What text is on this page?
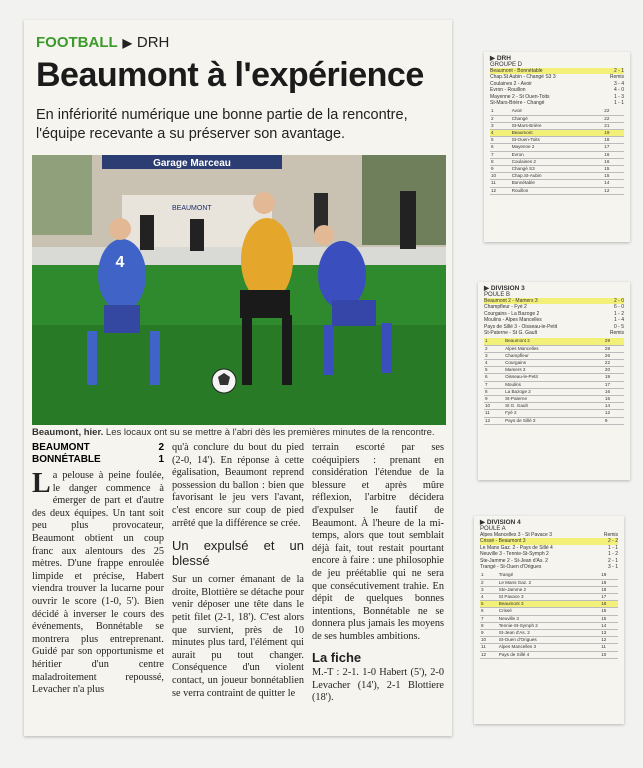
FOOTBALL ▶ DRH
Beaumont à l'expérience
En infériorité numérique une bonne partie de la rencontre, l'équipe recevante a su préserver son avantage.
Garage Marceau
BEAUMONT
4
Beaumont, hier. Les locaux ont su se mettre à l'abri dès les premières minutes de la rencontre.
BEAUMONT	2
BONNÉTABLE	1

La pelouse à peine foulée, le danger commence à émerger de part et d'autre des deux équipes. Un tant soit peu plus provocateur, Beaumont obtient un coup franc aux alentours des 25 mètres. D'une frappe enroulée limpide et précise, Habert viendra trouver la lucarne pour ouvrir le score (1-0, 5'). Bien décidé à inverser le cours des événements, Bonnétable se montrera plus entreprenant. Guidé par son opportunisme et héritier d'un centre maladroitement repoussé, Levacher n'a plus

qu'à conclure du bout du pied (2-0, 14'). En réponse à cette égalisation, Beaumont reprend possession du ballon : bien que favorisant le jeu vers l'avant, c'est encore sur coup de pied arrêté que la différence se crée.

Un expulsé et un blessé

Sur un corner émanant de la droite, Blottière se détache pour venir déposer une tête dans le petit filet (2-1, 18'). C'est alors que survient, près de 10 minutes plus tard, l'élément qui aurait pu tout changer. Conséquence d'un violent contact, un joueur bonnétablien se verra contraint de quitter le

terrain escorté par ses coéquipiers : prenant en considération l'étendue de la blessure et après mûre réflexion, l'arbitre décidera d'expulser le fautif de Beaumont. À l'heure de la mi-temps, alors que tout semblait déjà fait, tout restait pourtant encore à faire : une philosophie de jeu préétablie qui ne sera que consécutivement trahie. En dépit de quelques bonnes intentions, Bonnétable ne se donnera plus jamais les moyens de ses humbles ambitions.

La fiche

M.-T : 2-1. 1-0 Habert (5'), 2-0 Levacher (14'), 2-1 Blottiere (18').

▶ DRH
GROUPE D
Beaumont - Bonnétable	2 - 1
Chap.St Aubin - Changé S3 3	Remis
Coulaines 2 - Avoir	3 - 4
Evron - Rouillon	4 - 0
Mayenne 2 - St Ouen-Toits	1 - 3
St-Mars-Brière - Changé	1 - 1
1	Avoir	22
2	Changé	22
3	St-Mars-Brière	21
4	Beaumont	19
5	St-Ouen-Toits	18
6	Mayenne 2	17
7	Evron	16
8	Coulaines 2	16
9	Changé S3	15
10	Chap.St-Aubin	15
11	Bonnétable	14
12	Rouillon	12
▶ DIVISION 3
POULE B
Beaumont 2 - Mamers 3	2 - 0
Champfleur - Fyé 2	6 - 0
Courgains - La Bazoge 2	1 - 2
Moulins - Alpes Mancelles	1 - 4
Pays de Sillé 3 - Oisseau-le-Petit	0 - 5
St-Paterne - St G. Gault	Remis
1	Beaumont 2	29
2	Alpes Mancelles	28
3	Champfleur	26
4	Courgains	22
5	Mamers 3	20
6	Oisseau-le-Petit	19
7	Moulins	17
8	La Bazoge 2	16
9	St-Paterne	15
10	St G. Gault	14
11	Fyé 2	12
12	Pays de Sillé 3	9
▶ DIVISION 4
POULE A
Alpes Mancelles 3 - St Pavace 3	Remis
Crissé - Beaumont 3	2 - 2
Le Mans Gaz. 2 - Pays de Sillé 4	1 - 1
Neuville 3 - Tennie-St-Symph 2	1 - 2
Ste-Jamme 2 - St-Jean d'As. 2	2 - 1
Trangé - St-Ouen d'Origues	3 - 1
1	Trangé	19
2	Le Mans Gaz. 2	18
3	Ste-Jamme 2	18
4	St Pavace 3	17
5	Beaumont 3	16
6	Crissé	15
7	Neuville 3	15
8	Tennie-St-Symph 2	14
9	St-Jean d'As. 2	13
10	St-Ouen d'Origues	12
11	Alpes Mancelles 3	11
12	Pays de Sillé 4	10
